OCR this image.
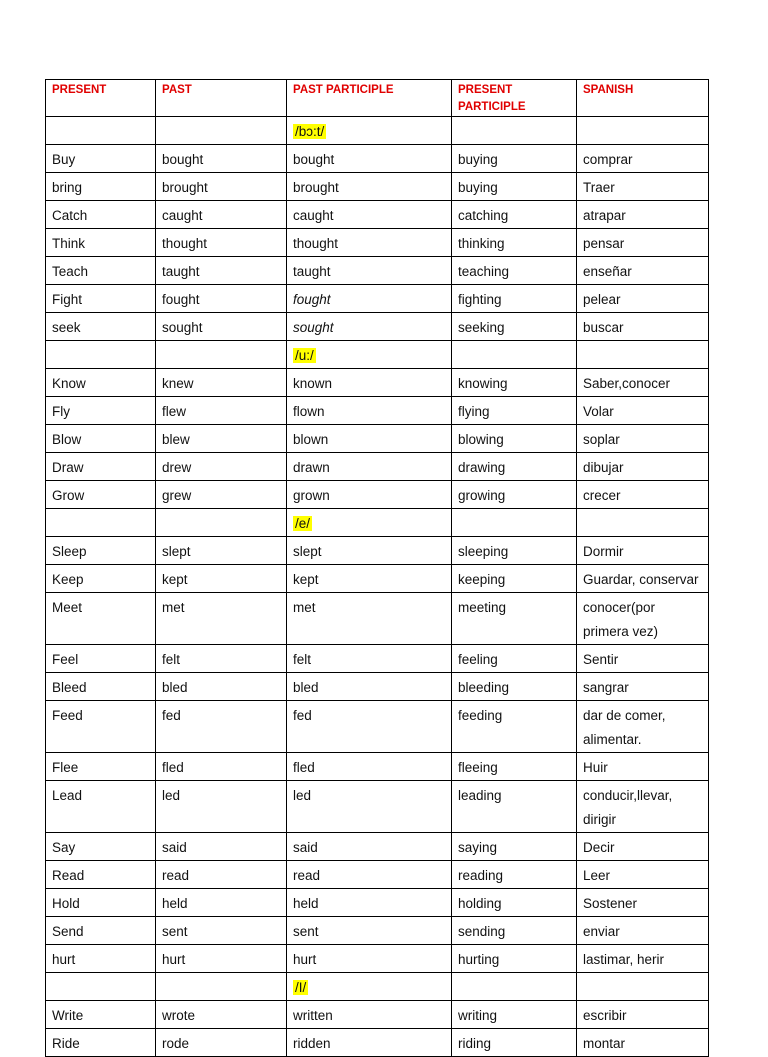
PRESENT	PAST	PAST PARTICIPLE	PRESENT PARTICIPLE	SPANISH
		/bɔ:t/		
Buy	bought	bought	buying	comprar
bring	brought	brought	buying	Traer
Catch	caught	caught	catching	atrapar
Think	thought	thought	thinking	pensar
Teach	taught	taught	teaching	enseñar
Fight	fought	fought	fighting	pelear
seek	sought	sought	seeking	buscar
		/u:/		
Know	knew	known	knowing	Saber,conocer
Fly	flew	flown	flying	Volar
Blow	blew	blown	blowing	soplar
Draw	drew	drawn	drawing	dibujar
Grow	grew	grown	growing	crecer
		/e/		
Sleep	slept	slept	sleeping	Dormir
Keep	kept	kept	keeping	Guardar, conservar
Meet	met	met	meeting	conocer(por primera vez)
Feel	felt	felt	feeling	Sentir
Bleed	bled	bled	bleeding	sangrar
Feed	fed	fed	feeding	dar de comer, alimentar.
Flee	fled	fled	fleeing	Huir
Lead	led	led	leading	conducir,llevar, dirigir
Say	said	said	saying	Decir
Read	read	read	reading	Leer
Hold	held	held	holding	Sostener
Send	sent	sent	sending	enviar
hurt	hurt	hurt	hurting	lastimar, herir
		/I/		
Write	wrote	written	writing	escribir
Ride	rode	ridden	riding	montar
